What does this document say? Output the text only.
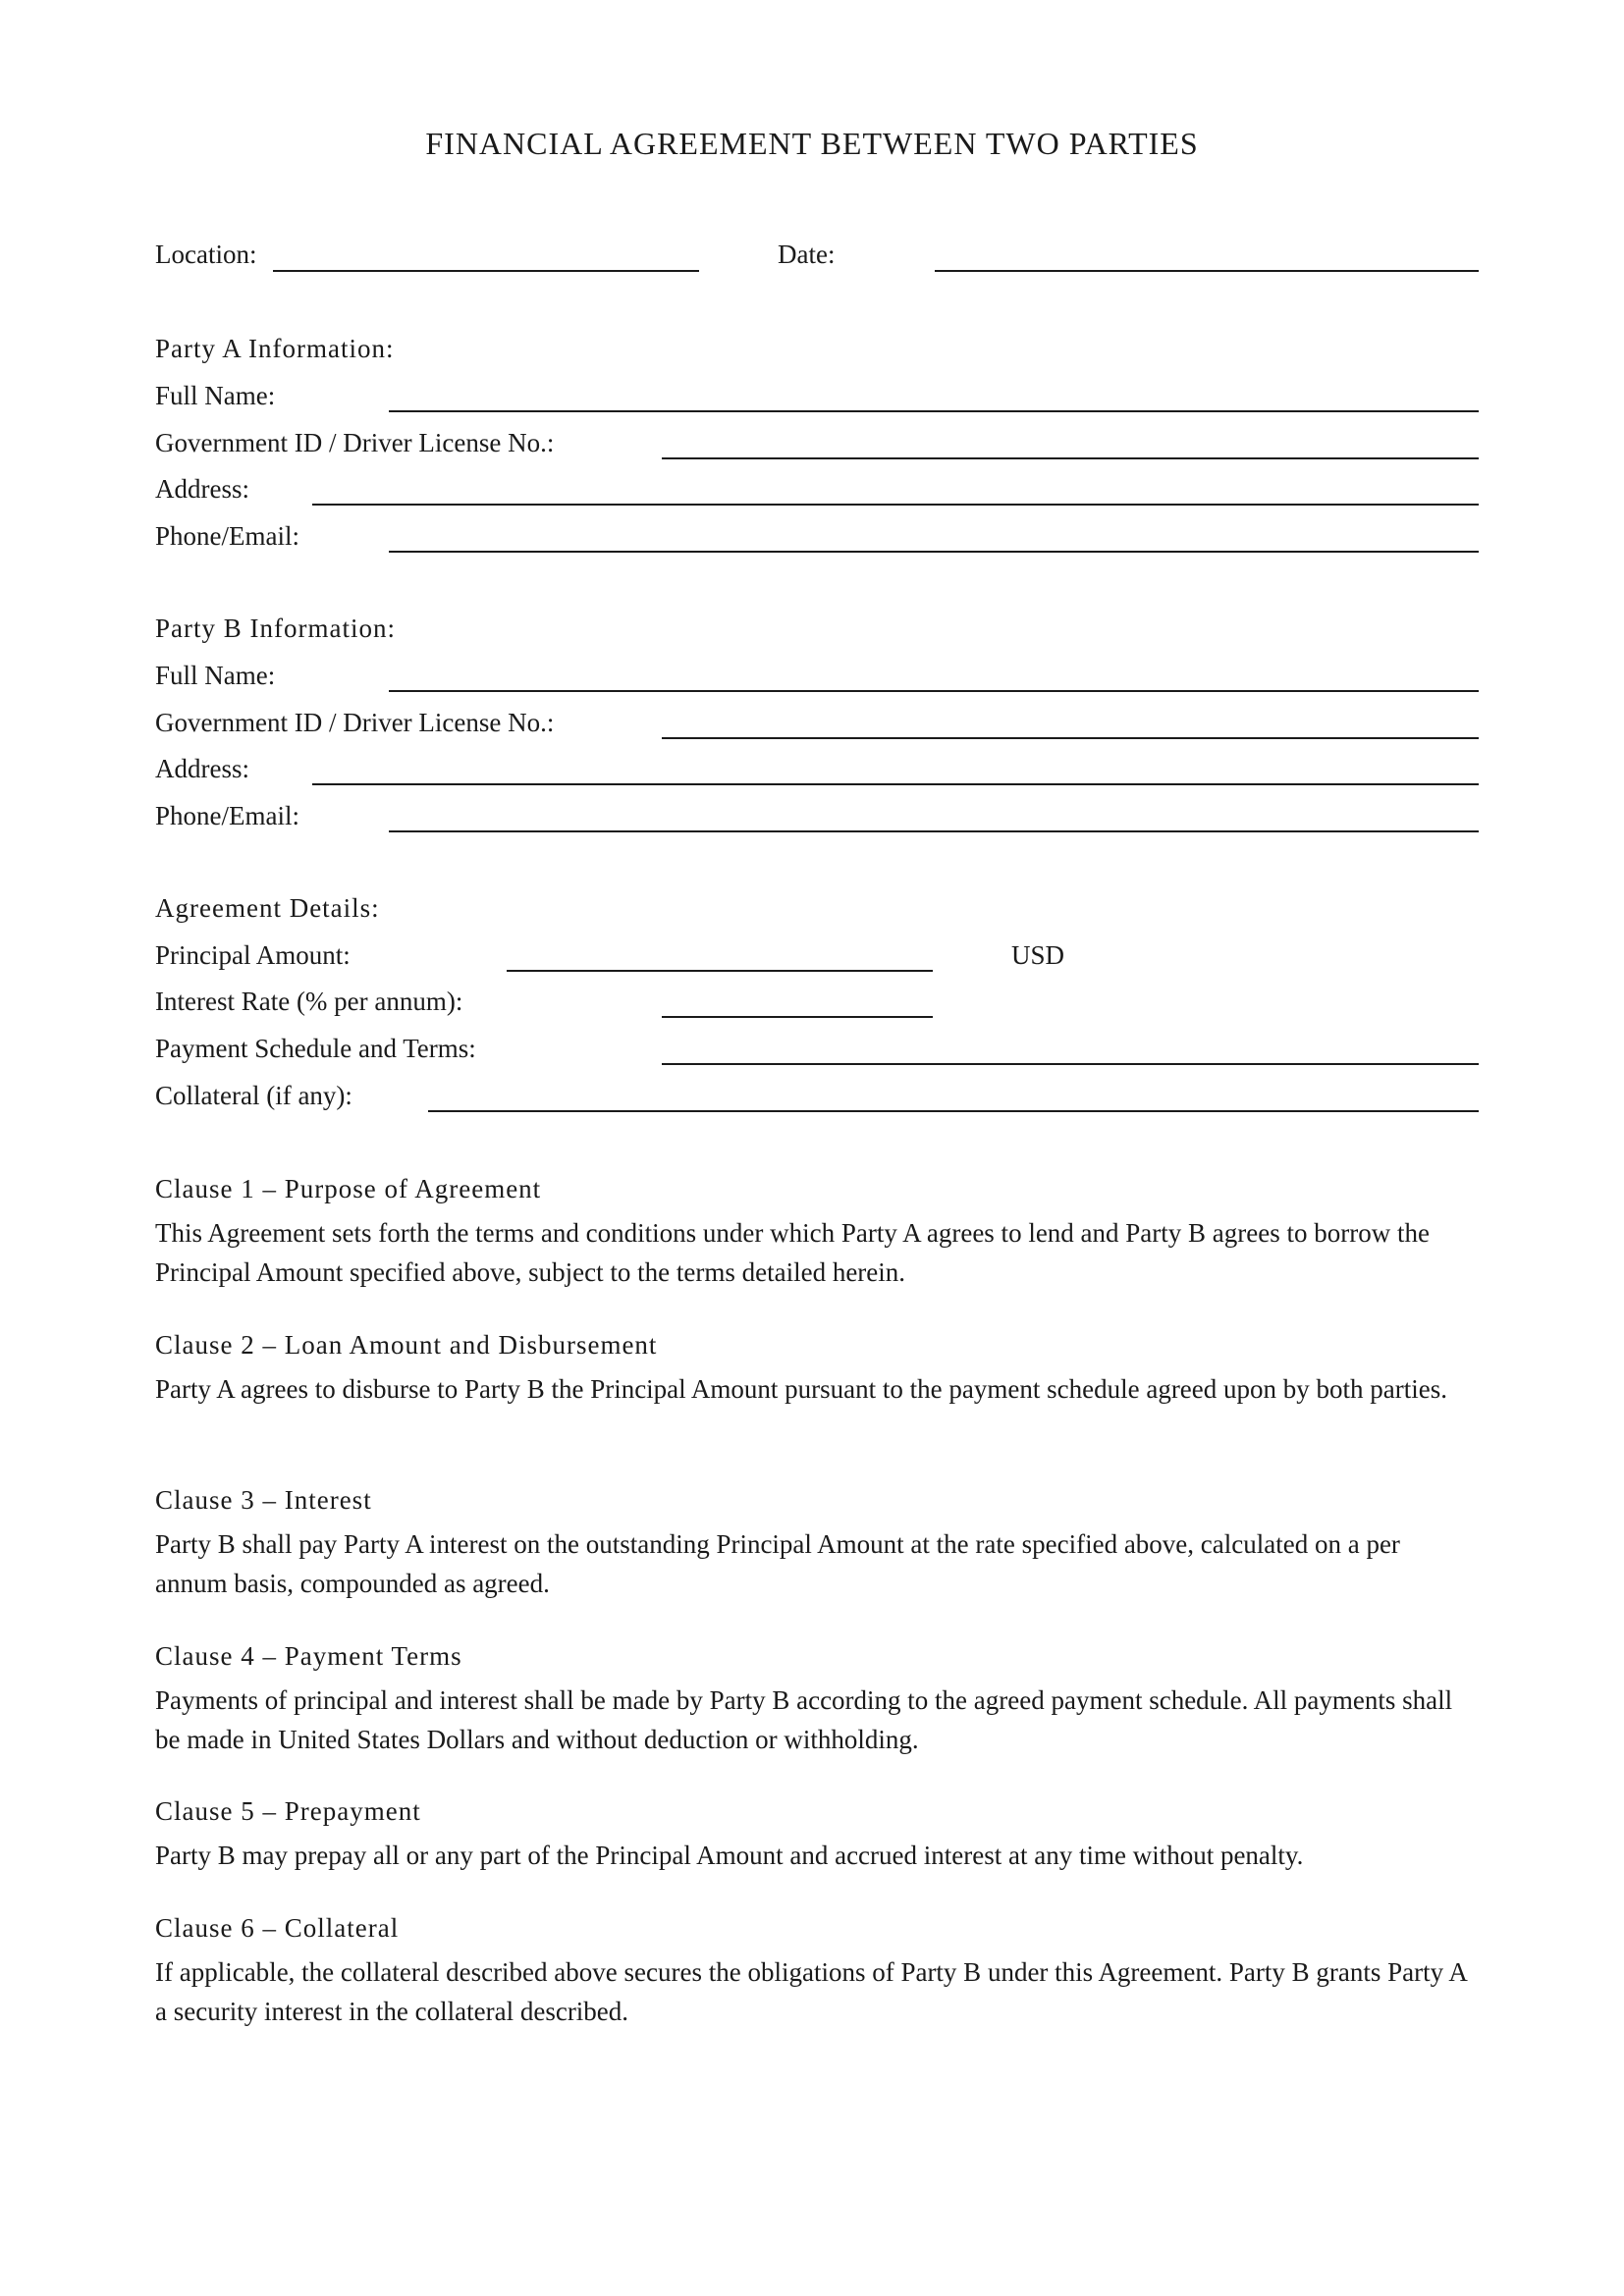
FINANCIAL AGREEMENT BETWEEN TWO PARTIES
Location:	Date:
Party A Information:
Full Name:
Government ID / Driver License No.:
Address:
Phone/Email:
Party B Information:
Full Name:
Government ID / Driver License No.:
Address:
Phone/Email:
Agreement Details:
Principal Amount:	USD
Interest Rate (% per annum):
Payment Schedule and Terms:
Collateral (if any):
Clause 1 – Purpose of Agreement
This Agreement sets forth the terms and conditions under which Party A agrees to lend and Party B agrees to borrow the Principal Amount specified above, subject to the terms detailed herein.
Clause 2 – Loan Amount and Disbursement
Party A agrees to disburse to Party B the Principal Amount pursuant to the payment schedule agreed upon by both parties.
Clause 3 – Interest
Party B shall pay Party A interest on the outstanding Principal Amount at the rate specified above, calculated on a per annum basis, compounded as agreed.
Clause 4 – Payment Terms
Payments of principal and interest shall be made by Party B according to the agreed payment schedule. All payments shall be made in United States Dollars and without deduction or withholding.
Clause 5 – Prepayment
Party B may prepay all or any part of the Principal Amount and accrued interest at any time without penalty.
Clause 6 – Collateral
If applicable, the collateral described above secures the obligations of Party B under this Agreement. Party B grants Party A a security interest in the collateral described.
